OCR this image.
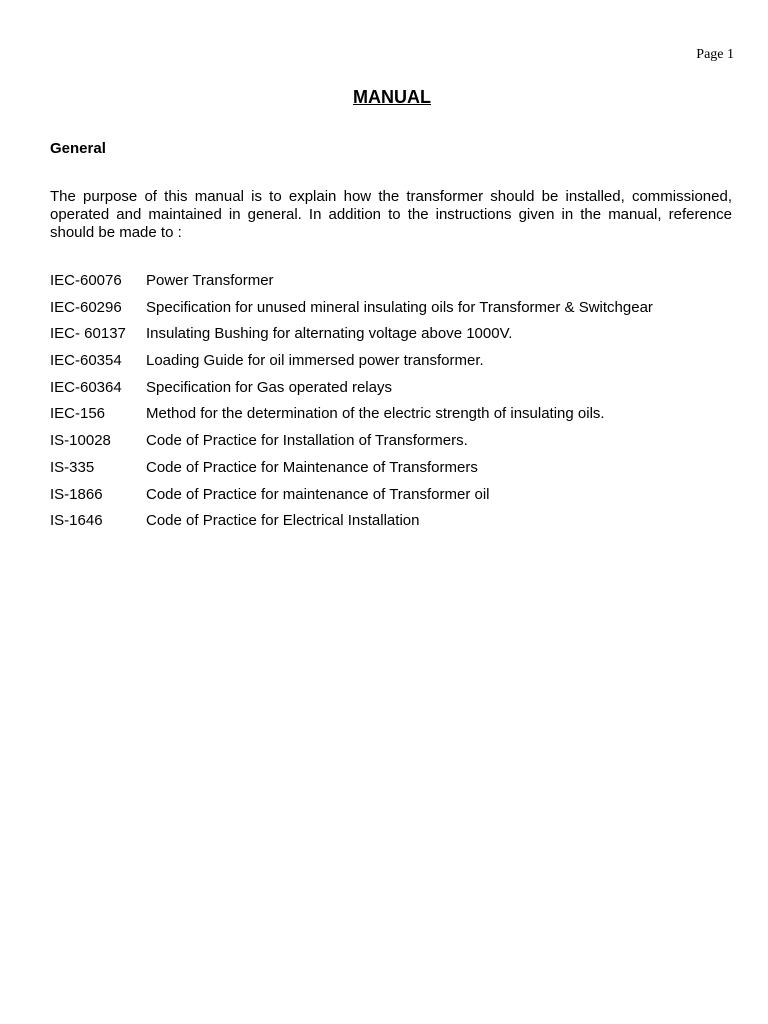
Page 1
MANUAL
General

The purpose of this manual is to explain how the transformer should be installed, commissioned, operated and maintained in general. In addition to the instructions given in the manual, reference should be made to :

IEC-60076	Power Transformer
IEC-60296	Specification for unused mineral insulating oils for Transformer & Switchgear
IEC- 60137	Insulating Bushing for alternating voltage above 1000V.
IEC-60354	Loading Guide for oil immersed power transformer.
IEC-60364	Specification for Gas operated relays
IEC-156	Method for the determination of the electric strength of insulating oils.
IS-10028	Code of Practice for Installation of Transformers.
IS-335	Code of Practice for Maintenance of Transformers
IS-1866	Code of Practice for maintenance of Transformer oil
IS-1646	Code of Practice for Electrical Installation
